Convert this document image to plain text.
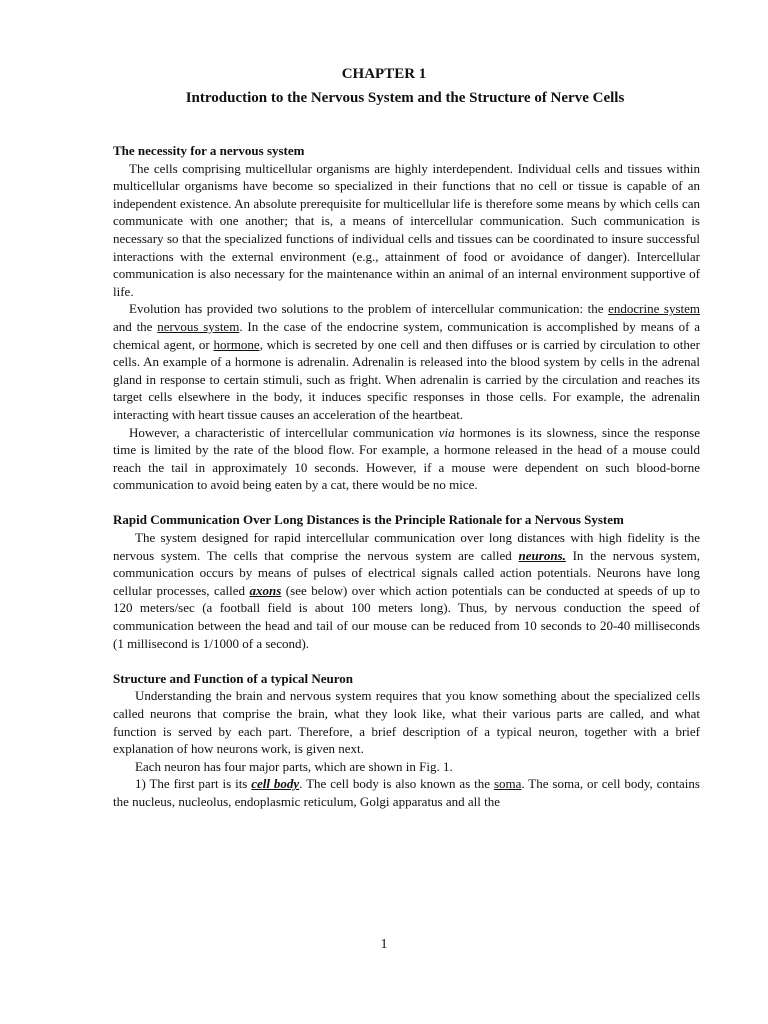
CHAPTER 1
Introduction to the Nervous System and the Structure of Nerve Cells

The necessity for a nervous system

The cells comprising multicellular organisms are highly interdependent. Individual cells and tissues within multicellular organisms have become so specialized in their functions that no cell or tissue is capable of an independent existence. An absolute prerequisite for multicellular life is therefore some means by which cells can communicate with one another; that is, a means of intercellular communication. Such communication is necessary so that the specialized functions of individual cells and tissues can be coordinated to insure successful interactions with the external environment (e.g., attainment of food or avoidance of danger). Intercellular communication is also necessary for the maintenance within an animal of an internal environment supportive of life.

Evolution has provided two solutions to the problem of intercellular communication: the endocrine system and the nervous system. In the case of the endocrine system, communication is accomplished by means of a chemical agent, or hormone, which is secreted by one cell and then diffuses or is carried by circulation to other cells. An example of a hormone is adrenalin. Adrenalin is released into the blood system by cells in the adrenal gland in response to certain stimuli, such as fright. When adrenalin is carried by the circulation and reaches its target cells elsewhere in the body, it induces specific responses in those cells. For example, the adrenalin interacting with heart tissue causes an acceleration of the heartbeat.

However, a characteristic of intercellular communication via hormones is its slowness, since the response time is limited by the rate of the blood flow. For example, a hormone released in the head of a mouse could reach the tail in approximately 10 seconds. However, if a mouse were dependent on such blood-borne communication to avoid being eaten by a cat, there would be no mice.

Rapid Communication Over Long Distances is the Principle Rationale for a Nervous System

The system designed for rapid intercellular communication over long distances with high fidelity is the nervous system. The cells that comprise the nervous system are called neurons. In the nervous system, communication occurs by means of pulses of electrical signals called action potentials. Neurons have long cellular processes, called axons (see below) over which action potentials can be conducted at speeds of up to 120 meters/sec (a football field is about 100 meters long). Thus, by nervous conduction the speed of communication between the head and tail of our mouse can be reduced from 10 seconds to 20-40 milliseconds (1 millisecond is 1/1000 of a second).

Structure and Function of a typical Neuron

Understanding the brain and nervous system requires that you know something about the specialized cells called neurons that comprise the brain, what they look like, what their various parts are called, and what function is served by each part. Therefore, a brief description of a typical neuron, together with a brief explanation of how neurons work, is given next.

Each neuron has four major parts, which are shown in Fig. 1.

1) The first part is its cell body. The cell body is also known as the soma. The soma, or cell body, contains the nucleus, nucleolus, endoplasmic reticulum, Golgi apparatus and all the

1
